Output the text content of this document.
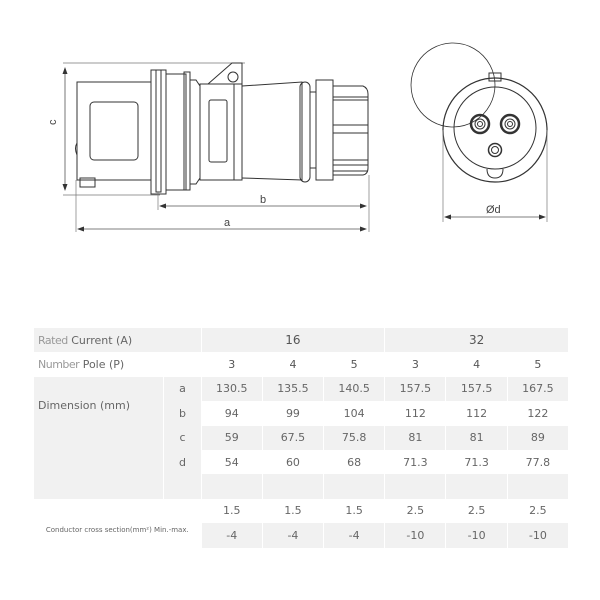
c
b
a
Ød
Rated Current (A)		16			32		
Number Pole (P)		3	4	5	3	4	5
Dimension (mm)	a	130.5	135.5	140.5	157.5	157.5	167.5
	b	94	99	104	112	112	122
	c	59	67.5	75.8	81	81	89
	d	54	60	68	71.3	71.3	77.8

Conductor cross section(mm²) Min.-max.		1.5	1.5	1.5	2.5	2.5	2.5
		-4	-4	-4	-10	-10	-10
